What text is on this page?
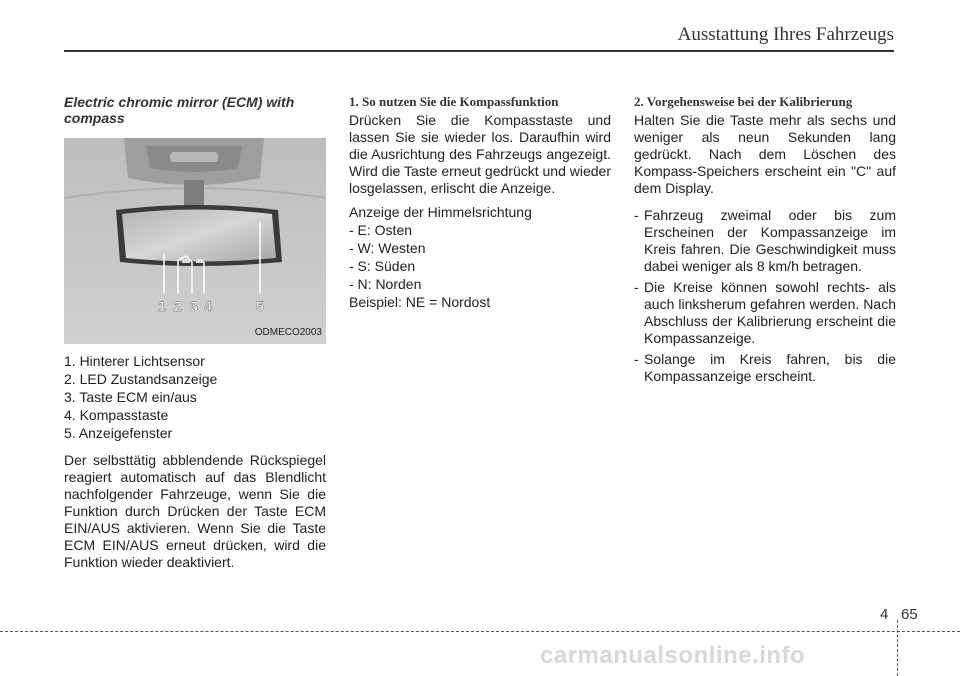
Ausstattung Ihres Fahrzeugs
Electric chromic mirror (ECM) with compass
1 2 3 4	5
ODMECO2003
1. Hinterer Lichtsensor
2. LED Zustandsanzeige
3. Taste ECM ein/aus
4. Kompasstaste
5. Anzeigefenster

Der selbsttätig abblendende Rückspiegel reagiert automatisch auf das Blendlicht nachfolgender Fahrzeuge, wenn Sie die Funktion durch Drücken der Taste ECM EIN/AUS aktivieren. Wenn Sie die Taste ECM EIN/AUS erneut drücken, wird die Funktion wieder deaktiviert.

1. So nutzen Sie die Kompassfunktion

Drücken Sie die Kompasstaste und lassen Sie sie wieder los. Daraufhin wird die Ausrichtung des Fahrzeugs angezeigt. Wird die Taste erneut gedrückt und wieder losgelassen, erlischt die Anzeige.

Anzeige der Himmelsrichtung
- E: Osten
- W: Westen
- S: Süden
- N: Norden
Beispiel: NE = Nordost
2. Vorgehensweise bei der Kalibrierung

Halten Sie die Taste mehr als sechs und weniger als neun Sekunden lang gedrückt. Nach dem Löschen des Kompass-Speichers erscheint ein "C" auf dem Display.

- Fahrzeug zweimal oder bis zum Erscheinen der Kompassanzeige im Kreis fahren. Die Geschwindigkeit muss dabei weniger als 8 km/h betragen.
- Die Kreise können sowohl rechts- als auch linksherum gefahren werden. Nach Abschluss der Kalibrierung erscheint die Kompassanzeige.
- Solange im Kreis fahren, bis die Kompassanzeige erscheint.
4 65
carmanualsonline.info
